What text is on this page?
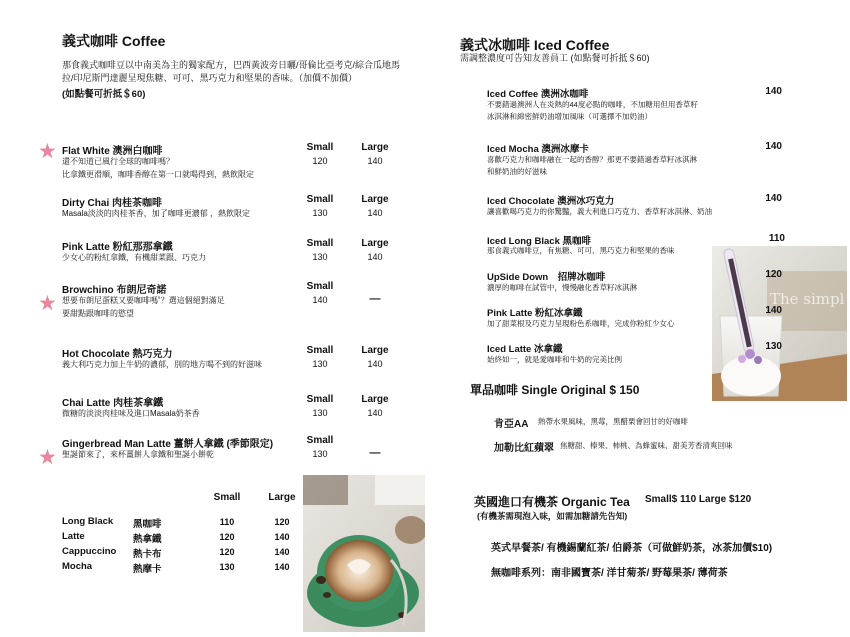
義式咖啡 Coffee
那食義式咖啡豆以中南美為主的獨家配方，巴西黃波旁日曬/哥倫比亞考克/綜合瓜地馬
拉/印尼斯門達麗呈現焦糖、可可、黑巧克力和堅果的香味。（加價不加價）
(如點餐可折抵＄60)
★ Flat White 澳洲白咖啡	Small	Large
還不知道已風行全球的咖啡嗎？
比拿鐵更滑順，咖啡香醇在第一口就喝得到，熱飲限定
120	140
Dirty Chai 肉桂茶咖啡	Small	Large
Masala淡淡的肉桂茶香，加了咖啡更濃郁 ，熱飲限定	130	140
Pink Latte 粉紅那那拿鐵	Small	Large
少女心的粉紅拿鐵，有機甜菜跟、巧克力	130	140
★
Browchino 布朗尼奇諾	Small
想要布朗尼蛋糕又要咖啡嗎˚？選這個絕對滿足
要甜點跟咖啡的慾望
140	—
Hot Chocolate 熱巧克力	Small	Large
義大利巧克力加上牛奶的濃郁，別的地方喝不到的好滋味	130	140
Chai Latte 肉桂茶拿鐵	Small	Large
微糖的淡淡肉桂味及進口Masala奶茶香	130	140
★
Gingerbread Man Latte 薑餅人拿鐵 (季節限定)	Small
聖誕節來了，來杯薑餅人拿鐵和聖誕小餅乾	130	—
Small	Large
Long Black 黑咖啡	110	120
Latte	熱拿鐵	120	140
Cappuccino 熱卡布	120	140
Mocha	熱摩卡	130	140
義式冰咖啡 Iced Coffee
需調整濃度可告知友善員工 (如點餐可折抵＄60)
Iced Coffee 澳洲冰咖啡	140
不要錯過澳洲人在炎熱的44度必點的咖啡，不加糖用但用香草籽
冰淇淋和綿密鮮奶油增加風味（可選擇不加奶油）
Iced Mocha 澳洲冰摩卡	140
喜歡巧克力和咖啡融在一起的香醇？那更不要錯過香草籽冰淇淋
和鮮奶油的好滋味
Iced Chocolate 澳洲冰巧克力	140
讓喜歡喝巧克力的你驚豔，義大利進口巧克力、香草籽冰淇淋、奶油
Iced Long Black 黑咖啡	110
那食義式咖啡豆，有焦糖、可可、黑巧克力和堅果的香味
The simpl
UpSide Down　招牌冰咖啡	120
濃厚的咖啡在試管中，慢慢融化香草籽冰淇淋
Pink Latte 粉紅冰拿鐵	140
加了甜菜根及巧克力呈現粉色系咖啡，完成你粉紅少女心
Iced Latte 冰拿鐵	130
始終如一，就是愛咖啡和牛奶的完美比例
單品咖啡 Single Original $ 150
肯亞AA 熱帶水果風味，黑莓，黑醋栗會回甘的好咖啡
加勒比紅蘋翠 焦糖甜、榛果、柿桃、為蜂蜜味、甜美芳香清爽回味
英國進口有機茶 Organic Tea Small$ 110 Large $120
(有機茶需現泡入味，如需加糖請先告知)
英式早餐茶/ 有機錫蘭紅茶/ 伯爵茶（可做鮮奶茶，冰茶加價$10)
無咖啡系列：南非國寶茶/ 洋甘菊茶/ 野莓果茶/ 薄荷茶
